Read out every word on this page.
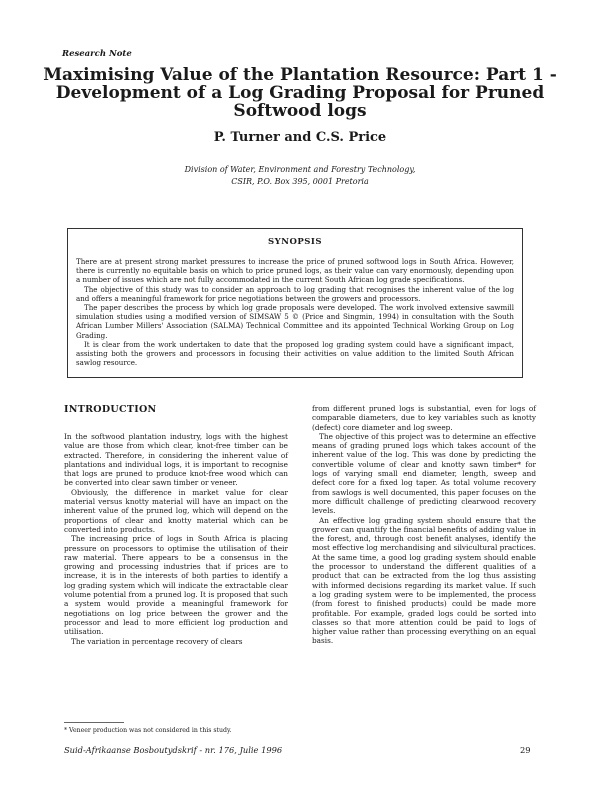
Research Note
Maximising Value of the Plantation Resource: Part 1 - Development of a Log Grading Proposal for Pruned Softwood logs
P. Turner and C.S. Price
Division of Water, Environment and Forestry Technology,
CSIR, P.O. Box 395, 0001 Pretoria
SYNOPSIS

There are at present strong market pressures to increase the price of pruned softwood logs in South Africa. However, there is currently no equitable basis on which to price pruned logs, as their value can vary enormously, depending upon a number of issues which are not fully accommodated in the current South African log grade specifications.

The objective of this study was to consider an approach to log grading that recognises the inherent value of the log and offers a meaningful framework for price negotiations between the growers and processors.

The paper describes the process by which log grade proposals were developed. The work involved extensive sawmill simulation studies using a modified version of SIMSAW 5 © (Price and Singmin, 1994) in consultation with the South African Lumber Millers' Association (SALMA) Technical Committee and its appointed Technical Working Group on Log Grading.

It is clear from the work undertaken to date that the proposed log grading system could have a significant impact, assisting both the growers and processors in focusing their activities on value addition to the limited South African sawlog resource.

INTRODUCTION

In the softwood plantation industry, logs with the highest value are those from which clear, knot-free timber can be extracted. Therefore, in considering the inherent value of plantations and individual logs, it is important to recognise that logs are pruned to produce knot-free wood which can be converted into clear sawn timber or veneer.

Obviously, the difference in market value for clear material versus knotty material will have an impact on the inherent value of the pruned log, which will depend on the proportions of clear and knotty material which can be converted into products.

The increasing price of logs in South Africa is placing pressure on processors to optimise the utilisation of their raw material. There appears to be a consensus in the growing and processing industries that if prices are to increase, it is in the interests of both parties to identify a log grading system which will indicate the extractable clear volume potential from a pruned log. It is proposed that such a system would provide a meaningful framework for negotiations on log price between the grower and the processor and lead to more efficient log production and utilisation.

The variation in percentage recovery of clears

from different pruned logs is substantial, even for logs of comparable diameters, due to key variables such as knotty (defect) core diameter and log sweep.

The objective of this project was to determine an effective means of grading pruned logs which takes account of the inherent value of the log. This was done by predicting the convertible volume of clear and knotty sawn timber* for logs of varying small end diameter, length, sweep and defect core for a fixed log taper. As total volume recovery from sawlogs is well documented, this paper focuses on the more difficult challenge of predicting clearwood recovery levels.

An effective log grading system should ensure that the grower can quantify the financial benefits of adding value in the forest, and, through cost benefit analyses, identify the most effective log merchandising and silvicultural practices. At the same time, a good log grading system should enable the processor to understand the different qualities of a product that can be extracted from the log thus assisting with informed decisions regarding its market value. If such a log grading system were to be implemented, the process (from forest to finished products) could be made more profitable. For example, graded logs could be sorted into classes so that more attention could be paid to logs of higher value rather than processing everything on an equal basis.

* Veneer production was not considered in this study.
Suid-Afrikaanse Bosboutydskrif - nr. 176, Julie 1996	29
